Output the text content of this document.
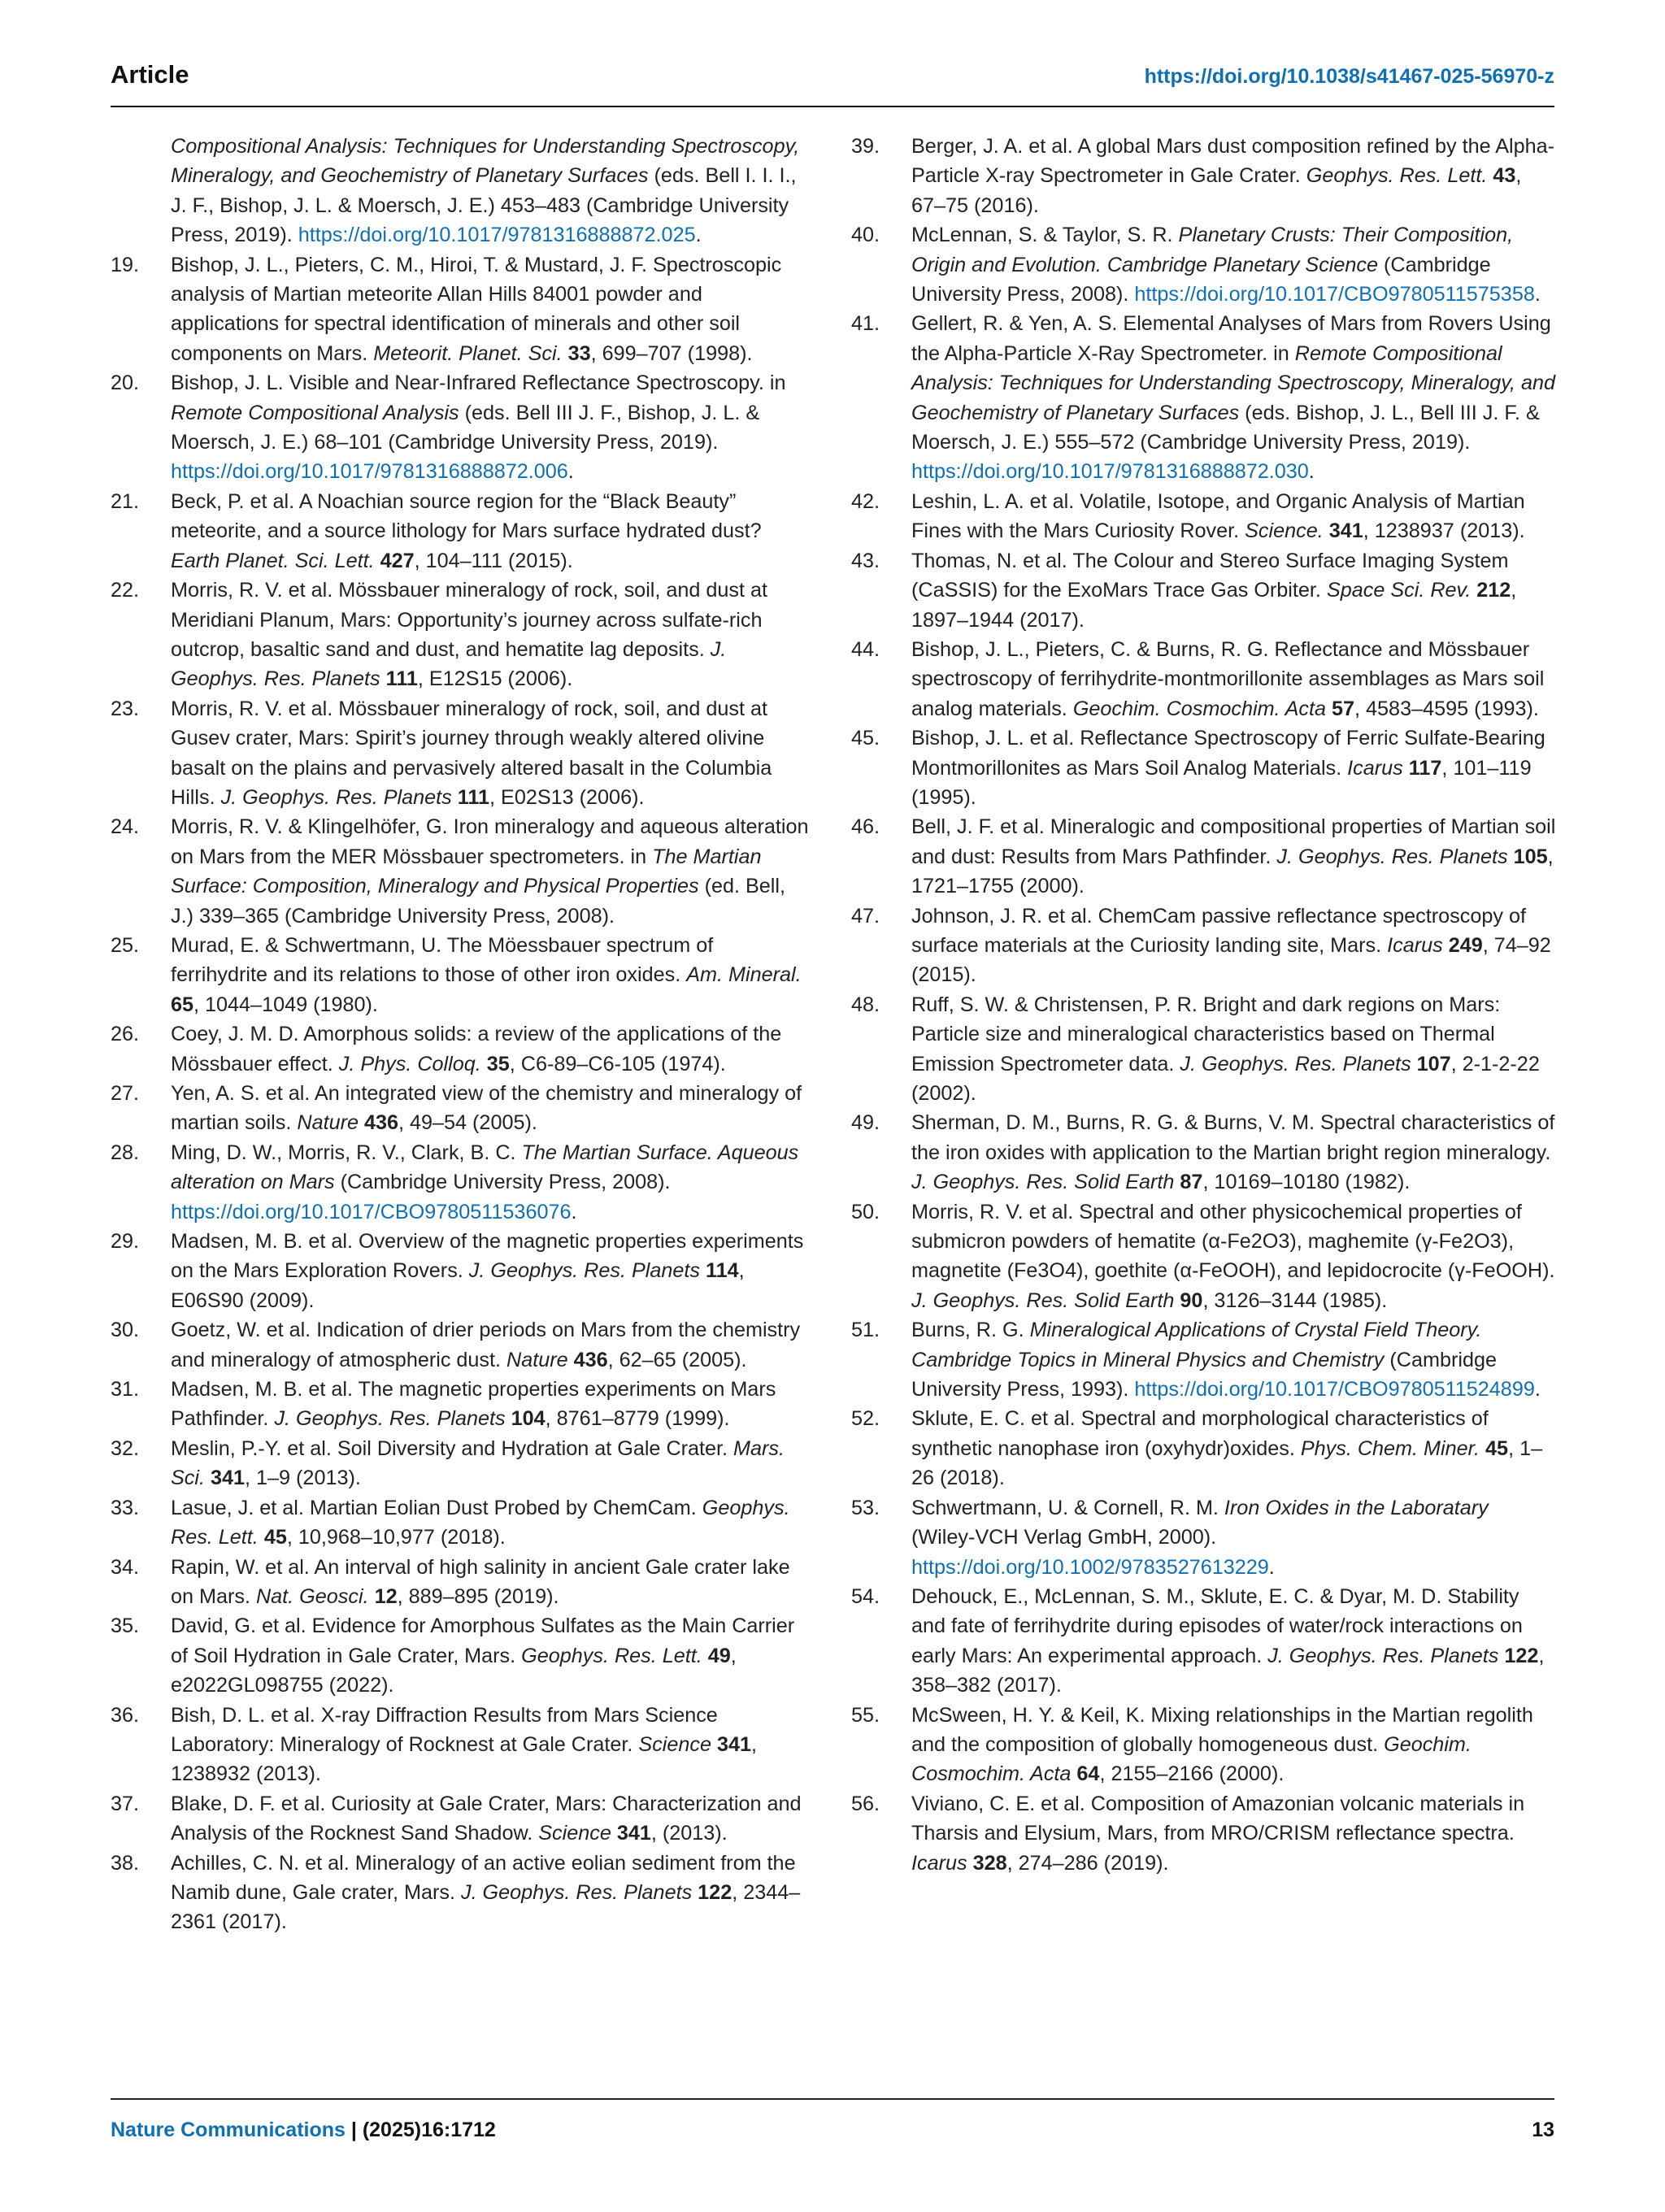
Article	https://doi.org/10.1038/s41467-025-56970-z

Compositional Analysis: Techniques for Understanding Spectroscopy, Mineralogy, and Geochemistry of Planetary Surfaces (eds. Bell I. I. I., J. F., Bishop, J. L. & Moersch, J. E.) 453–483 (Cambridge University Press, 2019). https://doi.org/10.1017/9781316888872.025.

19.	Bishop, J. L., Pieters, C. M., Hiroi, T. & Mustard, J. F. Spectroscopic analysis of Martian meteorite Allan Hills 84001 powder and applications for spectral identification of minerals and other soil components on Mars. Meteorit. Planet. Sci. 33, 699–707 (1998).

20.	Bishop, J. L. Visible and Near-Infrared Reflectance Spectroscopy. in Remote Compositional Analysis (eds. Bell III J. F., Bishop, J. L. & Moersch, J. E.) 68–101 (Cambridge University Press, 2019). https://doi.org/10.1017/9781316888872.006.

21.	Beck, P. et al. A Noachian source region for the “Black Beauty” meteorite, and a source lithology for Mars surface hydrated dust? Earth Planet. Sci. Lett. 427, 104–111 (2015).

22.	Morris, R. V. et al. Mössbauer mineralogy of rock, soil, and dust at Meridiani Planum, Mars: Opportunity’s journey across sulfate-rich outcrop, basaltic sand and dust, and hematite lag deposits. J. Geophys. Res. Planets 111, E12S15 (2006).

23.	Morris, R. V. et al. Mössbauer mineralogy of rock, soil, and dust at Gusev crater, Mars: Spirit’s journey through weakly altered olivine basalt on the plains and pervasively altered basalt in the Columbia Hills. J. Geophys. Res. Planets 111, E02S13 (2006).

24.	Morris, R. V. & Klingelhöfer, G. Iron mineralogy and aqueous alteration on Mars from the MER Mössbauer spectrometers. in The Martian Surface: Composition, Mineralogy and Physical Properties (ed. Bell, J.) 339–365 (Cambridge University Press, 2008).

25.	Murad, E. & Schwertmann, U. The Möessbauer spectrum of ferrihydrite and its relations to those of other iron oxides. Am. Mineral. 65, 1044–1049 (1980).

26.	Coey, J. M. D. Amorphous solids: a review of the applications of the Mössbauer effect. J. Phys. Colloq. 35, C6-89–C6-105 (1974).

27.	Yen, A. S. et al. An integrated view of the chemistry and mineralogy of martian soils. Nature 436, 49–54 (2005).

28.	Ming, D. W., Morris, R. V., Clark, B. C. The Martian Surface. Aqueous alteration on Mars (Cambridge University Press, 2008). https://doi.org/10.1017/CBO9780511536076.

29.	Madsen, M. B. et al. Overview of the magnetic properties experiments on the Mars Exploration Rovers. J. Geophys. Res. Planets 114, E06S90 (2009).

30.	Goetz, W. et al. Indication of drier periods on Mars from the chemistry and mineralogy of atmospheric dust. Nature 436, 62–65 (2005).

31.	Madsen, M. B. et al. The magnetic properties experiments on Mars Pathfinder. J. Geophys. Res. Planets 104, 8761–8779 (1999).

32.	Meslin, P.-Y. et al. Soil Diversity and Hydration at Gale Crater. Mars. Sci. 341, 1–9 (2013).

33.	Lasue, J. et al. Martian Eolian Dust Probed by ChemCam. Geophys. Res. Lett. 45, 10,968–10,977 (2018).

34.	Rapin, W. et al. An interval of high salinity in ancient Gale crater lake on Mars. Nat. Geosci. 12, 889–895 (2019).

35.	David, G. et al. Evidence for Amorphous Sulfates as the Main Carrier of Soil Hydration in Gale Crater, Mars. Geophys. Res. Lett. 49, e2022GL098755 (2022).

36.	Bish, D. L. et al. X-ray Diffraction Results from Mars Science Laboratory: Mineralogy of Rocknest at Gale Crater. Science 341, 1238932 (2013).

37.	Blake, D. F. et al. Curiosity at Gale Crater, Mars: Characterization and Analysis of the Rocknest Sand Shadow. Science 341, (2013).

38.	Achilles, C. N. et al. Mineralogy of an active eolian sediment from the Namib dune, Gale crater, Mars. J. Geophys. Res. Planets 122, 2344–2361 (2017).

39.	Berger, J. A. et al. A global Mars dust composition refined by the Alpha-Particle X-ray Spectrometer in Gale Crater. Geophys. Res. Lett. 43, 67–75 (2016).

40.	McLennan, S. & Taylor, S. R. Planetary Crusts: Their Composition, Origin and Evolution. Cambridge Planetary Science (Cambridge University Press, 2008). https://doi.org/10.1017/CBO9780511575358.

41.	Gellert, R. & Yen, A. S. Elemental Analyses of Mars from Rovers Using the Alpha-Particle X-Ray Spectrometer. in Remote Compositional Analysis: Techniques for Understanding Spectroscopy, Mineralogy, and Geochemistry of Planetary Surfaces (eds. Bishop, J. L., Bell III J. F. & Moersch, J. E.) 555–572 (Cambridge University Press, 2019). https://doi.org/10.1017/9781316888872.030.

42.	Leshin, L. A. et al. Volatile, Isotope, and Organic Analysis of Martian Fines with the Mars Curiosity Rover. Science. 341, 1238937 (2013).

43.	Thomas, N. et al. The Colour and Stereo Surface Imaging System (CaSSIS) for the ExoMars Trace Gas Orbiter. Space Sci. Rev. 212, 1897–1944 (2017).

44.	Bishop, J. L., Pieters, C. & Burns, R. G. Reflectance and Mössbauer spectroscopy of ferrihydrite-montmorillonite assemblages as Mars soil analog materials. Geochim. Cosmochim. Acta 57, 4583–4595 (1993).

45.	Bishop, J. L. et al. Reflectance Spectroscopy of Ferric Sulfate-Bearing Montmorillonites as Mars Soil Analog Materials. Icarus 117, 101–119 (1995).

46.	Bell, J. F. et al. Mineralogic and compositional properties of Martian soil and dust: Results from Mars Pathfinder. J. Geophys. Res. Planets 105, 1721–1755 (2000).

47.	Johnson, J. R. et al. ChemCam passive reflectance spectroscopy of surface materials at the Curiosity landing site, Mars. Icarus 249, 74–92 (2015).

48.	Ruff, S. W. & Christensen, P. R. Bright and dark regions on Mars: Particle size and mineralogical characteristics based on Thermal Emission Spectrometer data. J. Geophys. Res. Planets 107, 2-1-2-22 (2002).

49.	Sherman, D. M., Burns, R. G. & Burns, V. M. Spectral characteristics of the iron oxides with application to the Martian bright region mineralogy. J. Geophys. Res. Solid Earth 87, 10169–10180 (1982).

50.	Morris, R. V. et al. Spectral and other physicochemical properties of submicron powders of hematite (α-Fe2O3), maghemite (γ-Fe2O3), magnetite (Fe3O4), goethite (α-FeOOH), and lepidocrocite (γ-FeOOH). J. Geophys. Res. Solid Earth 90, 3126–3144 (1985).

51.	Burns, R. G. Mineralogical Applications of Crystal Field Theory. Cambridge Topics in Mineral Physics and Chemistry (Cambridge University Press, 1993). https://doi.org/10.1017/CBO9780511524899.

52.	Sklute, E. C. et al. Spectral and morphological characteristics of synthetic nanophase iron (oxyhydr)oxides. Phys. Chem. Miner. 45, 1–26 (2018).

53.	Schwertmann, U. & Cornell, R. M. Iron Oxides in the Laboratary (Wiley-VCH Verlag GmbH, 2000). https://doi.org/10.1002/9783527613229.

54.	Dehouck, E., McLennan, S. M., Sklute, E. C. & Dyar, M. D. Stability and fate of ferrihydrite during episodes of water/rock interactions on early Mars: An experimental approach. J. Geophys. Res. Planets 122, 358–382 (2017).

55.	McSween, H. Y. & Keil, K. Mixing relationships in the Martian regolith and the composition of globally homogeneous dust. Geochim. Cosmochim. Acta 64, 2155–2166 (2000).

56.	Viviano, C. E. et al. Composition of Amazonian volcanic materials in Tharsis and Elysium, Mars, from MRO/CRISM reflectance spectra. Icarus 328, 274–286 (2019).

Nature Communications | (2025)16:1712	13
